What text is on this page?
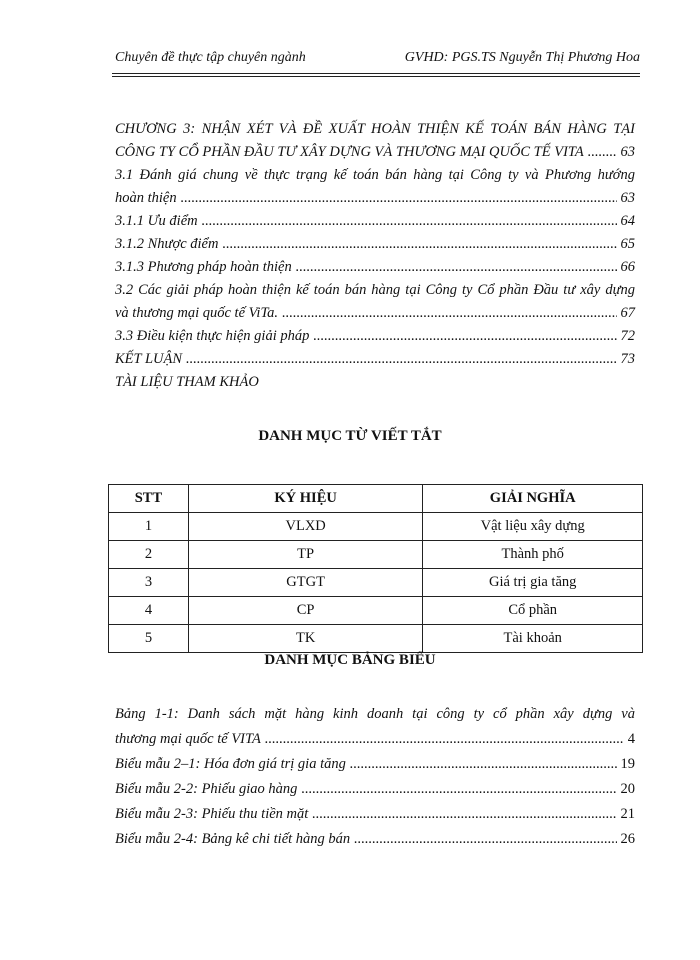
Chuyên đề thực tập chuyên ngành	GVHD: PGS.TS Nguyễn Thị Phương Hoa
CHƯƠNG 3: NHẬN XÉT VÀ ĐỀ XUẤT HOÀN THIỆN KẾ TOÁN BÁN HÀNG TẠI
CÔNG TY CỔ PHẦN ĐẦU TƯ XÂY DỰNG VÀ THƯƠNG MẠI QUỐC TẾ VITA .....	63
3.1 Đánh giá chung về thực trạng kế toán bán hàng tại Công ty và Phương hướng
hoàn thiện .....	63
3.1.1 Ưu điểm .....	64
3.1.2 Nhược điểm .....	65
3.1.3 Phương pháp hoàn thiện .....	66
3.2 Các giải pháp hoàn thiện kế toán bán hàng tại Công ty Cổ phần Đầu tư xây dựng
và thương mại quốc tế ViTa. .....	67
3.3 Điều kiện thực hiện giải pháp .....	72
KẾT LUẬN .....	73
TÀI LIỆU THAM KHẢO
DANH MỤC TỪ VIẾT TẮT
STT	KÝ HIỆU	GIẢI NGHĨA
1	VLXD	Vật liệu xây dựng
2	TP	Thành phố
3	GTGT	Giá trị gia tăng
4	CP	Cổ phần
5	TK	Tài khoản
DANH MỤC BẢNG BIỂU
Bảng 1-1: Danh sách mặt hàng kinh doanh tại công ty cổ phần xây dựng và
thương mại quốc tế VITA .....	4
Biểu mẫu 2–1: Hóa đơn giá trị gia tăng .....	19
Biểu mẫu 2-2: Phiếu giao hàng .....	20
Biểu mẫu 2-3: Phiếu thu tiền mặt .....	21
Biểu mẫu 2-4: Bảng kê chi tiết hàng bán .....	26
